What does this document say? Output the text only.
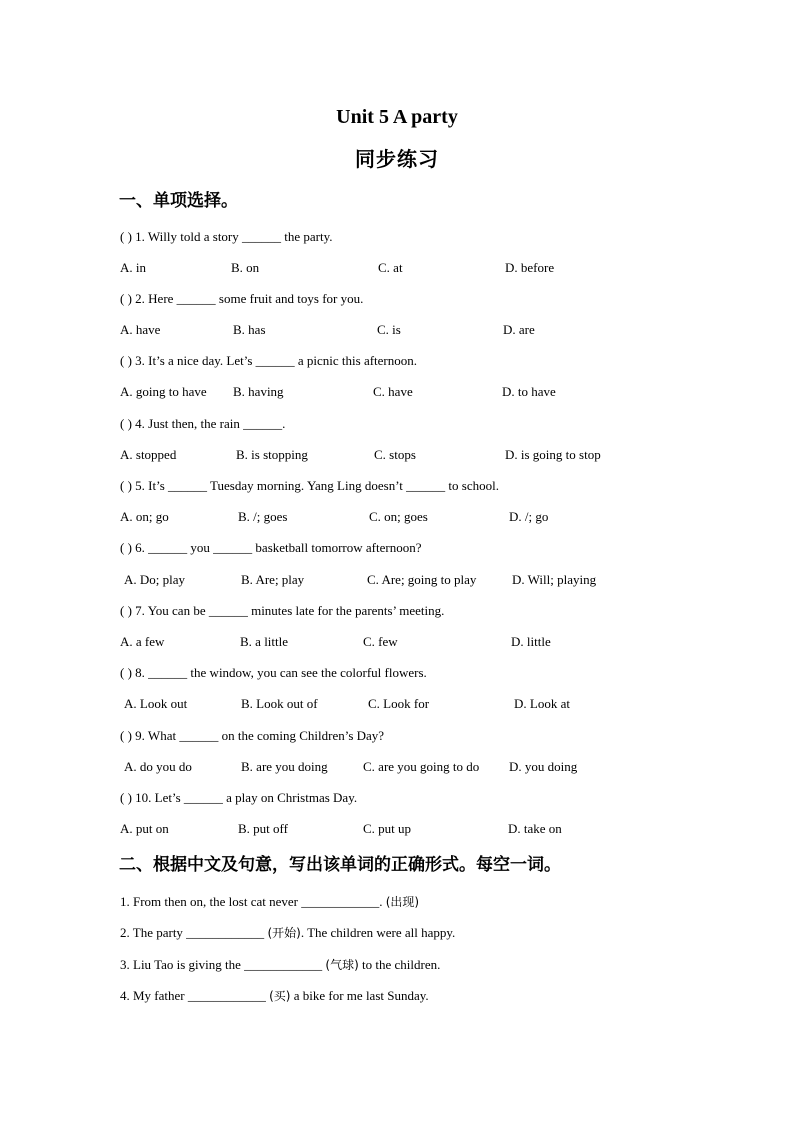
Unit 5 A party
同步练习
一、单项选择。
( ) 1. Willy told a story ______ the party.
A. in	B. on	C. at	D. before
( ) 2. Here ______ some fruit and toys for you.
A. have	B. has	C. is	D. are
( ) 3. It’s a nice day. Let’s ______ a picnic this afternoon.
A. going to have B. having	C. have	D. to have
( ) 4. Just then, the rain ______.
A. stopped	B. is stopping	C. stops	D. is going to stop
( ) 5. It’s ______ Tuesday morning. Yang Ling doesn’t ______ to school.
A. on; go	B. /; goes	C. on; goes	D. /; go
( ) 6. ______ you ______ basketball tomorrow afternoon?
A. Do; play	B. Are; play	C. Are; going to play	D. Will; playing
( ) 7. You can be ______ minutes late for the parents’ meeting.
A. a few	B. a little	C. few	D. little
( ) 8. ______ the window, you can see the colorful flowers.
A. Look out	B. Look out of	C. Look for	D. Look at
( ) 9. What ______ on the coming Children’s Day?
A. do you do	B. are you doing	C. are you going to do D. you doing
( ) 10. Let’s ______ a play on Christmas Day.
A. put on	B. put off	C. put up	D. take on
二、根据中文及句意，写出该单词的正确形式。每空一词。
1. From then on, the lost cat never ____________. (出现)
2. The party ____________ (开始). The children were all happy.
3. Liu Tao is giving the ____________ (气球) to the children.
4. My father ____________ (买) a bike for me last Sunday.
